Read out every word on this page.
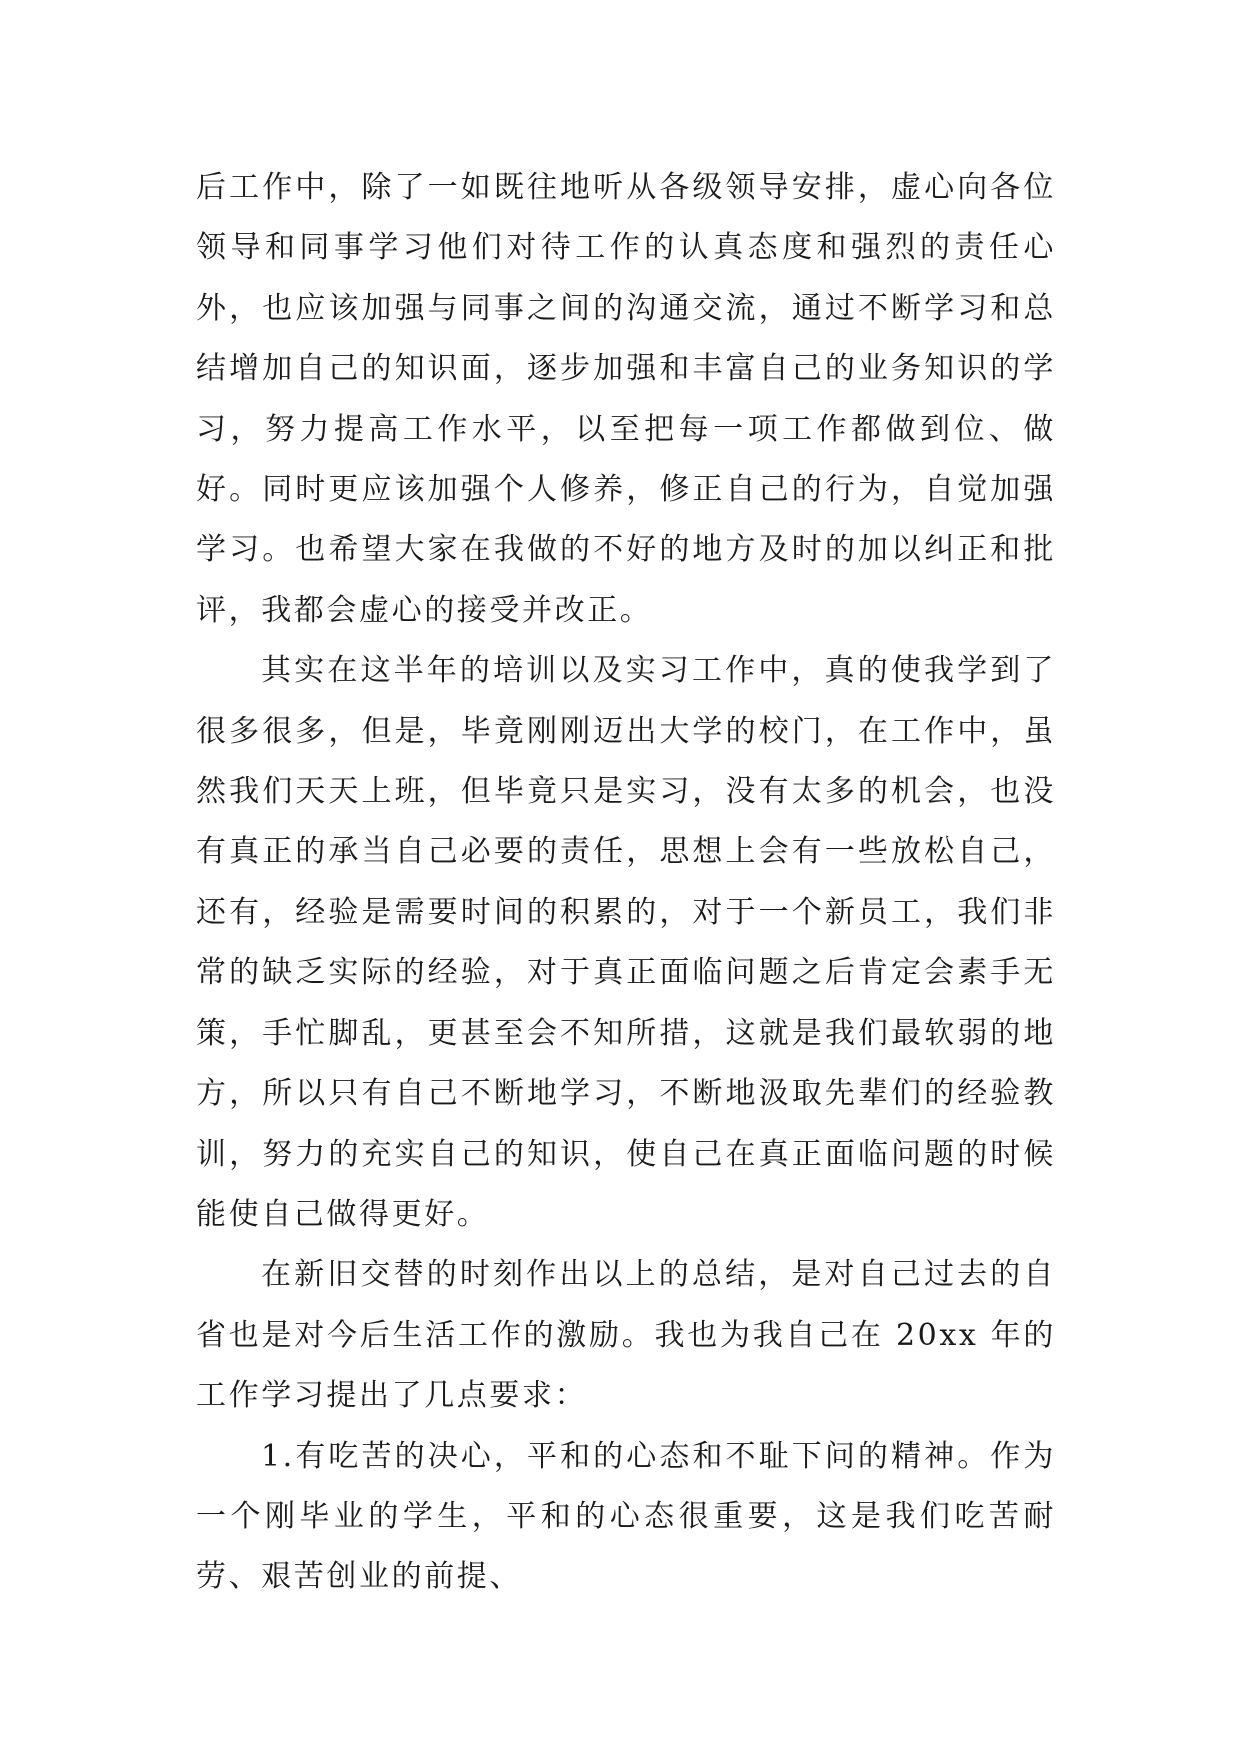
后工作中，除了一如既往地听从各级领导安排，虚心向各位领导和同事学习他们对待工作的认真态度和强烈的责任心外，也应该加强与同事之间的沟通交流，通过不断学习和总结增加自己的知识面，逐步加强和丰富自己的业务知识的学习，努力提高工作水平，以至把每一项工作都做到位、做好。同时更应该加强个人修养，修正自己的行为，自觉加强学习。也希望大家在我做的不好的地方及时的加以纠正和批评，我都会虚心的接受并改正。

其实在这半年的培训以及实习工作中，真的使我学到了很多很多，但是，毕竟刚刚迈出大学的校门，在工作中，虽然我们天天上班，但毕竟只是实习，没有太多的机会，也没有真正的承当自己必要的责任，思想上会有一些放松自己，还有，经验是需要时间的积累的，对于一个新员工，我们非常的缺乏实际的经验，对于真正面临问题之后肯定会素手无策，手忙脚乱，更甚至会不知所措，这就是我们最软弱的地方，所以只有自己不断地学习，不断地汲取先辈们的经验教训，努力的充实自己的知识，使自己在真正面临问题的时候能使自己做得更好。

在新旧交替的时刻作出以上的总结，是对自己过去的自省也是对今后生活工作的激励。我也为我自己在 20xx 年的工作学习提出了几点要求：

1.有吃苦的决心，平和的心态和不耻下问的精神。作为一个刚毕业的学生，平和的心态很重要，这是我们吃苦耐劳、艰苦创业的前提、
